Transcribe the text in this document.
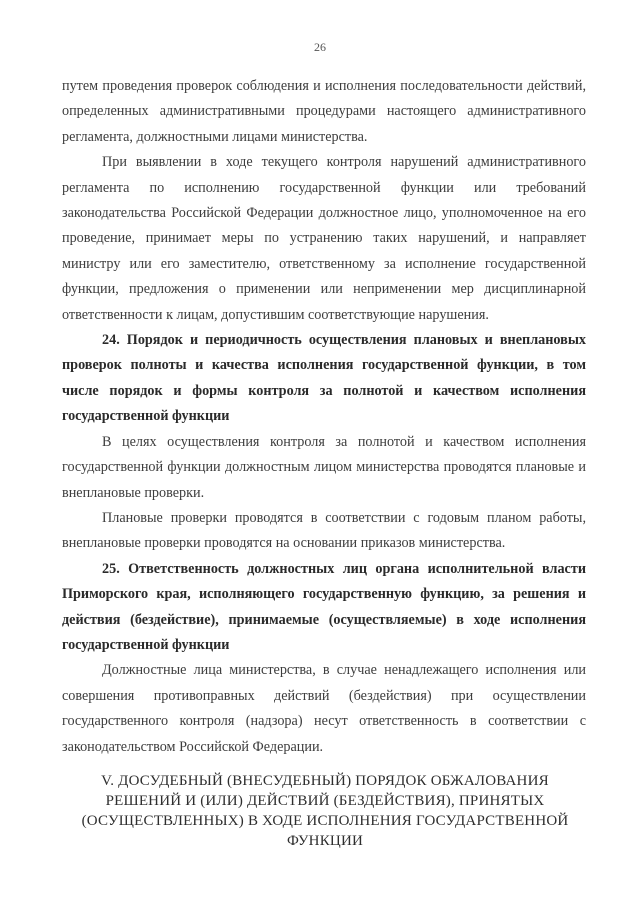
26

путем проведения проверок соблюдения и исполнения последовательности действий, определенных административными процедурами настоящего административного регламента, должностными лицами министерства.

При выявлении в ходе текущего контроля нарушений административного регламента по исполнению государственной функции или требований законодательства Российской Федерации должностное лицо, уполномоченное на его проведение, принимает меры по устранению таких нарушений, и направляет министру или его заместителю, ответственному за исполнение государственной функции, предложения о применении или неприменении мер дисциплинарной ответственности к лицам, допустившим соответствующие нарушения.

24. Порядок и периодичность осуществления плановых и внеплановых проверок полноты и качества исполнения государственной функции, в том числе порядок и формы контроля за полнотой и качеством исполнения государственной функции

В целях осуществления контроля за полнотой и качеством исполнения государственной функции должностным лицом министерства проводятся плановые и внеплановые проверки.

Плановые проверки проводятся в соответствии с годовым планом работы, внеплановые проверки проводятся на основании приказов министерства.

25. Ответственность должностных лиц органа исполнительной власти Приморского края, исполняющего государственную функцию, за решения и действия (бездействие), принимаемые (осуществляемые) в ходе исполнения государственной функции

Должностные лица министерства, в случае ненадлежащего исполнения или совершения противоправных действий (бездействия) при осуществлении государственного контроля (надзора) несут ответственность в соответствии с законодательством Российской Федерации.

V. ДОСУДЕБНЫЙ (ВНЕСУДЕБНЫЙ) ПОРЯДОК ОБЖАЛОВАНИЯ РЕШЕНИЙ И (ИЛИ) ДЕЙСТВИЙ (БЕЗДЕЙСТВИЯ), ПРИНЯТЫХ (ОСУЩЕСТВЛЕННЫХ) В ХОДЕ ИСПОЛНЕНИЯ ГОСУДАРСТВЕННОЙ ФУНКЦИИ
